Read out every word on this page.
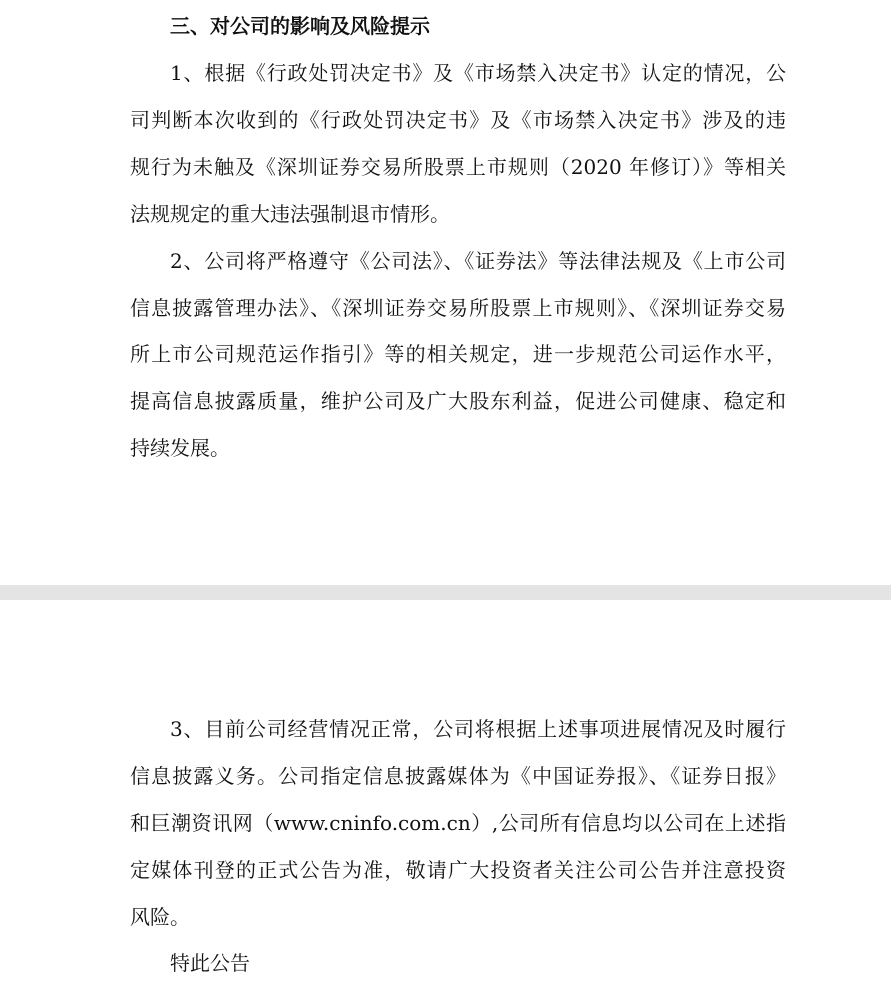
三、对公司的影响及风险提示
1、根据《行政处罚决定书》及《市场禁入决定书》认定的情况，公
司判断本次收到的《行政处罚决定书》及《市场禁入决定书》涉及的违
规行为未触及《深圳证券交易所股票上市规则（2020 年修订）》等相关
法规规定的重大违法强制退市情形。
2、公司将严格遵守《公司法》、《证券法》等法律法规及《上市公司
信息披露管理办法》、《深圳证券交易所股票上市规则》、《深圳证券交易
所上市公司规范运作指引》等的相关规定，进一步规范公司运作水平，
提高信息披露质量，维护公司及广大股东利益，促进公司健康、稳定和
持续发展。
3、目前公司经营情况正常，公司将根据上述事项进展情况及时履行
信息披露义务。公司指定信息披露媒体为《中国证券报》、《证券日报》
和巨潮资讯网（www.cninfo.com.cn）,公司所有信息均以公司在上述指
定媒体刊登的正式公告为准，敬请广大投资者关注公司公告并注意投资
风险。
特此公告
